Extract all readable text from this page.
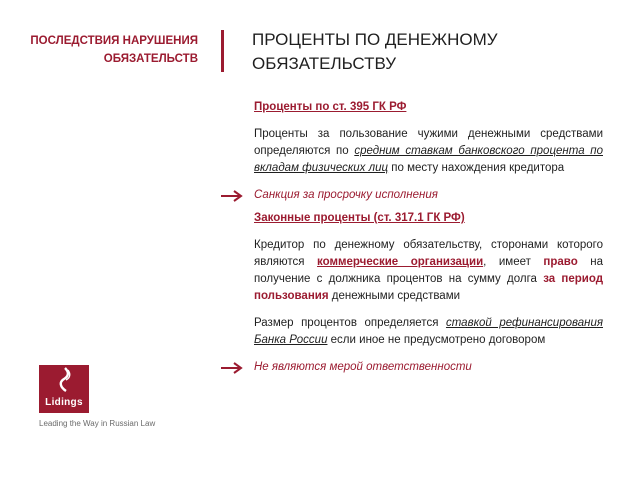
ПОСЛЕДСТВИЯ НАРУШЕНИЯ
ОБЯЗАТЕЛЬСТВ
ПРОЦЕНТЫ ПО ДЕНЕЖНОМУ
ОБЯЗАТЕЛЬСТВУ
Проценты по ст. 395 ГК РФ
Проценты за пользование чужими денежными средствами определяются по средним ставкам банковского процента по вкладам физических лиц по месту нахождения кредитора
Санкция за просрочку исполнения
Законные проценты (ст. 317.1 ГК РФ)
Кредитор по денежному обязательству, сторонами которого являются коммерческие организации, имеет право на получение с должника процентов на сумму долга за период пользования денежными средствами
Размер процентов определяется ставкой рефинансирования Банка России если иное не предусмотрено договором
Не являются мерой ответственности
Lidings
Leading the Way in Russian Law
